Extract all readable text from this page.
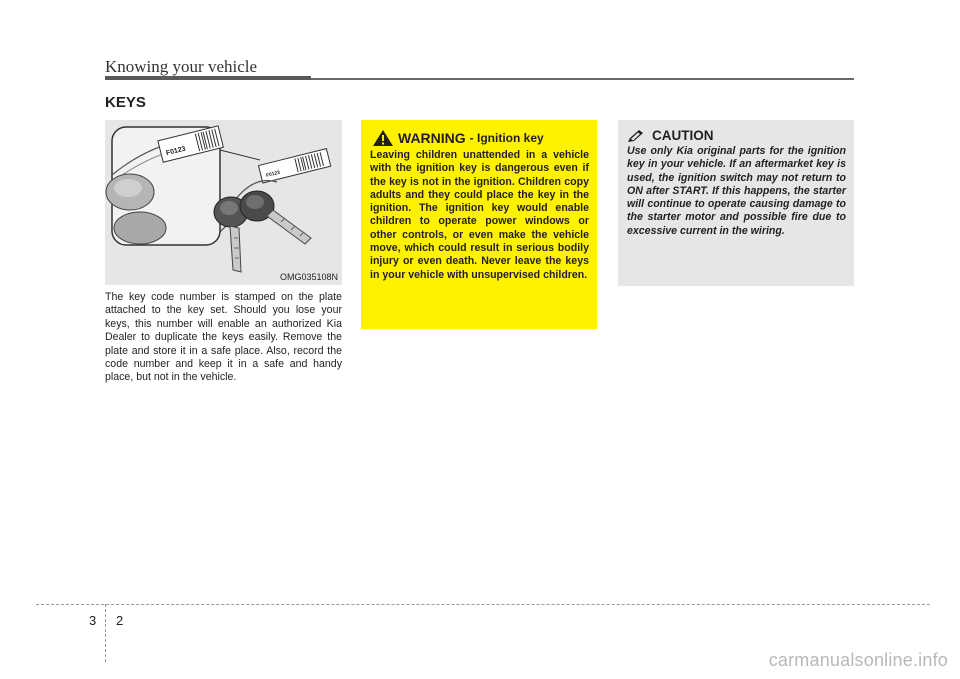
Knowing your vehicle
KEYS
F0123
F0123
OMG035108N
The key code number is stamped on the plate attached to the key set. Should you lose your keys, this number will enable an authorized Kia Dealer to duplicate the keys easily. Remove the plate and store it in a safe place. Also, record the code number and keep it in a safe and handy place, but not in the vehicle.
WARNING - Ignition key
Leaving children unattended in a vehicle with the ignition key is dangerous even if the key is not in the ignition. Children copy adults and they could place the key in the ignition. The ignition key would enable children to operate power windows or other controls, or even make the vehicle move, which could result in serious bodily injury or even death. Never leave the keys in your vehicle with unsupervised children.
CAUTION
Use only Kia original parts for the ignition key in your vehicle. If an aftermarket key is used, the ignition switch may not return to ON after START. If this happens, the starter will continue to operate causing damage to the starter motor and possible fire due to excessive current in the wiring.
3 2
carmanualsonline.info
